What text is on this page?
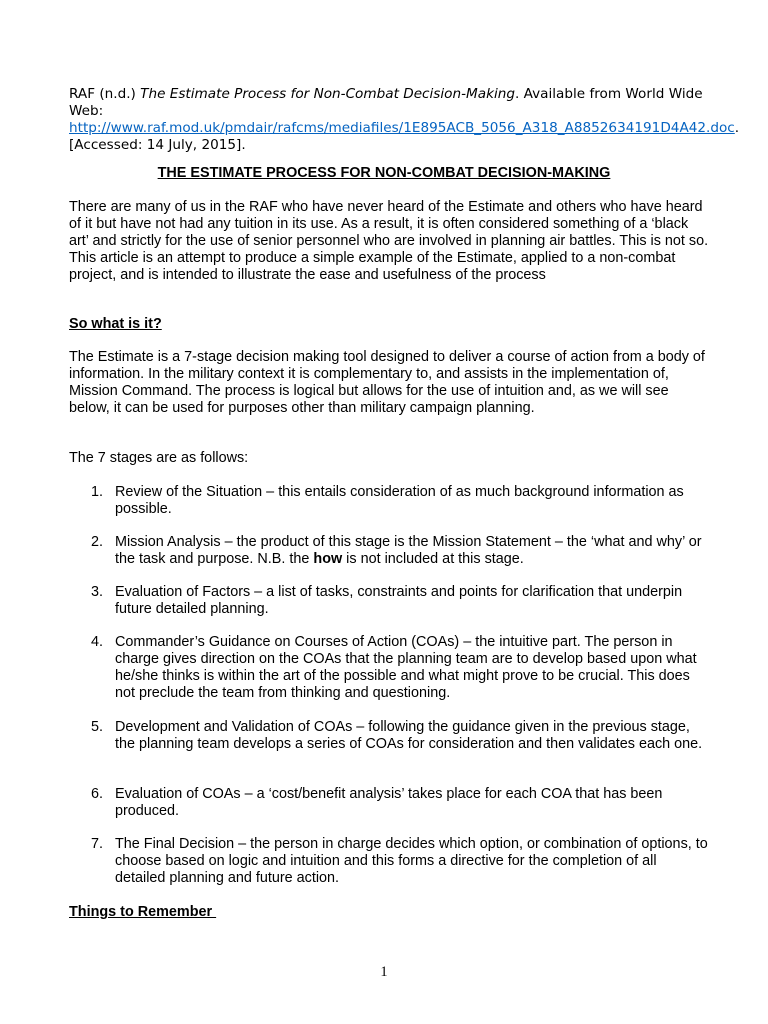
RAF (n.d.) The Estimate Process for Non-Combat Decision-Making. Available from World Wide Web: http://www.raf.mod.uk/pmdair/rafcms/mediafiles/1E895ACB_5056_A318_A8852634191D4A42.doc. [Accessed: 14 July, 2015].
THE ESTIMATE PROCESS FOR NON-COMBAT DECISION-MAKING
There are many of us in the RAF who have never heard of the Estimate and others who have heard of it but have not had any tuition in its use. As a result, it is often considered something of a ‘black art’ and strictly for the use of senior personnel who are involved in planning air battles. This is not so. This article is an attempt to produce a simple example of the Estimate, applied to a non-combat project, and is intended to illustrate the ease and usefulness of the process
So what is it?
The Estimate is a 7-stage decision making tool designed to deliver a course of action from a body of information. In the military context it is complementary to, and assists in the implementation of, Mission Command. The process is logical but allows for the use of intuition and, as we will see below, it can be used for purposes other than military campaign planning.
The 7 stages are as follows:
1. Review of the Situation – this entails consideration of as much background information as possible.
2. Mission Analysis – the product of this stage is the Mission Statement – the ‘what and why’ or the task and purpose. N.B. the how is not included at this stage.
3. Evaluation of Factors – a list of tasks, constraints and points for clarification that underpin future detailed planning.
4. Commander’s Guidance on Courses of Action (COAs) – the intuitive part. The person in charge gives direction on the COAs that the planning team are to develop based upon what he/she thinks is within the art of the possible and what might prove to be crucial. This does not preclude the team from thinking and questioning.
5. Development and Validation of COAs – following the guidance given in the previous stage, the planning team develops a series of COAs for consideration and then validates each one.
6. Evaluation of COAs – a ‘cost/benefit analysis’ takes place for each COA that has been produced.
7. The Final Decision – the person in charge decides which option, or combination of options, to choose based on logic and intuition and this forms a directive for the completion of all detailed planning and future action.
Things to Remember
1
